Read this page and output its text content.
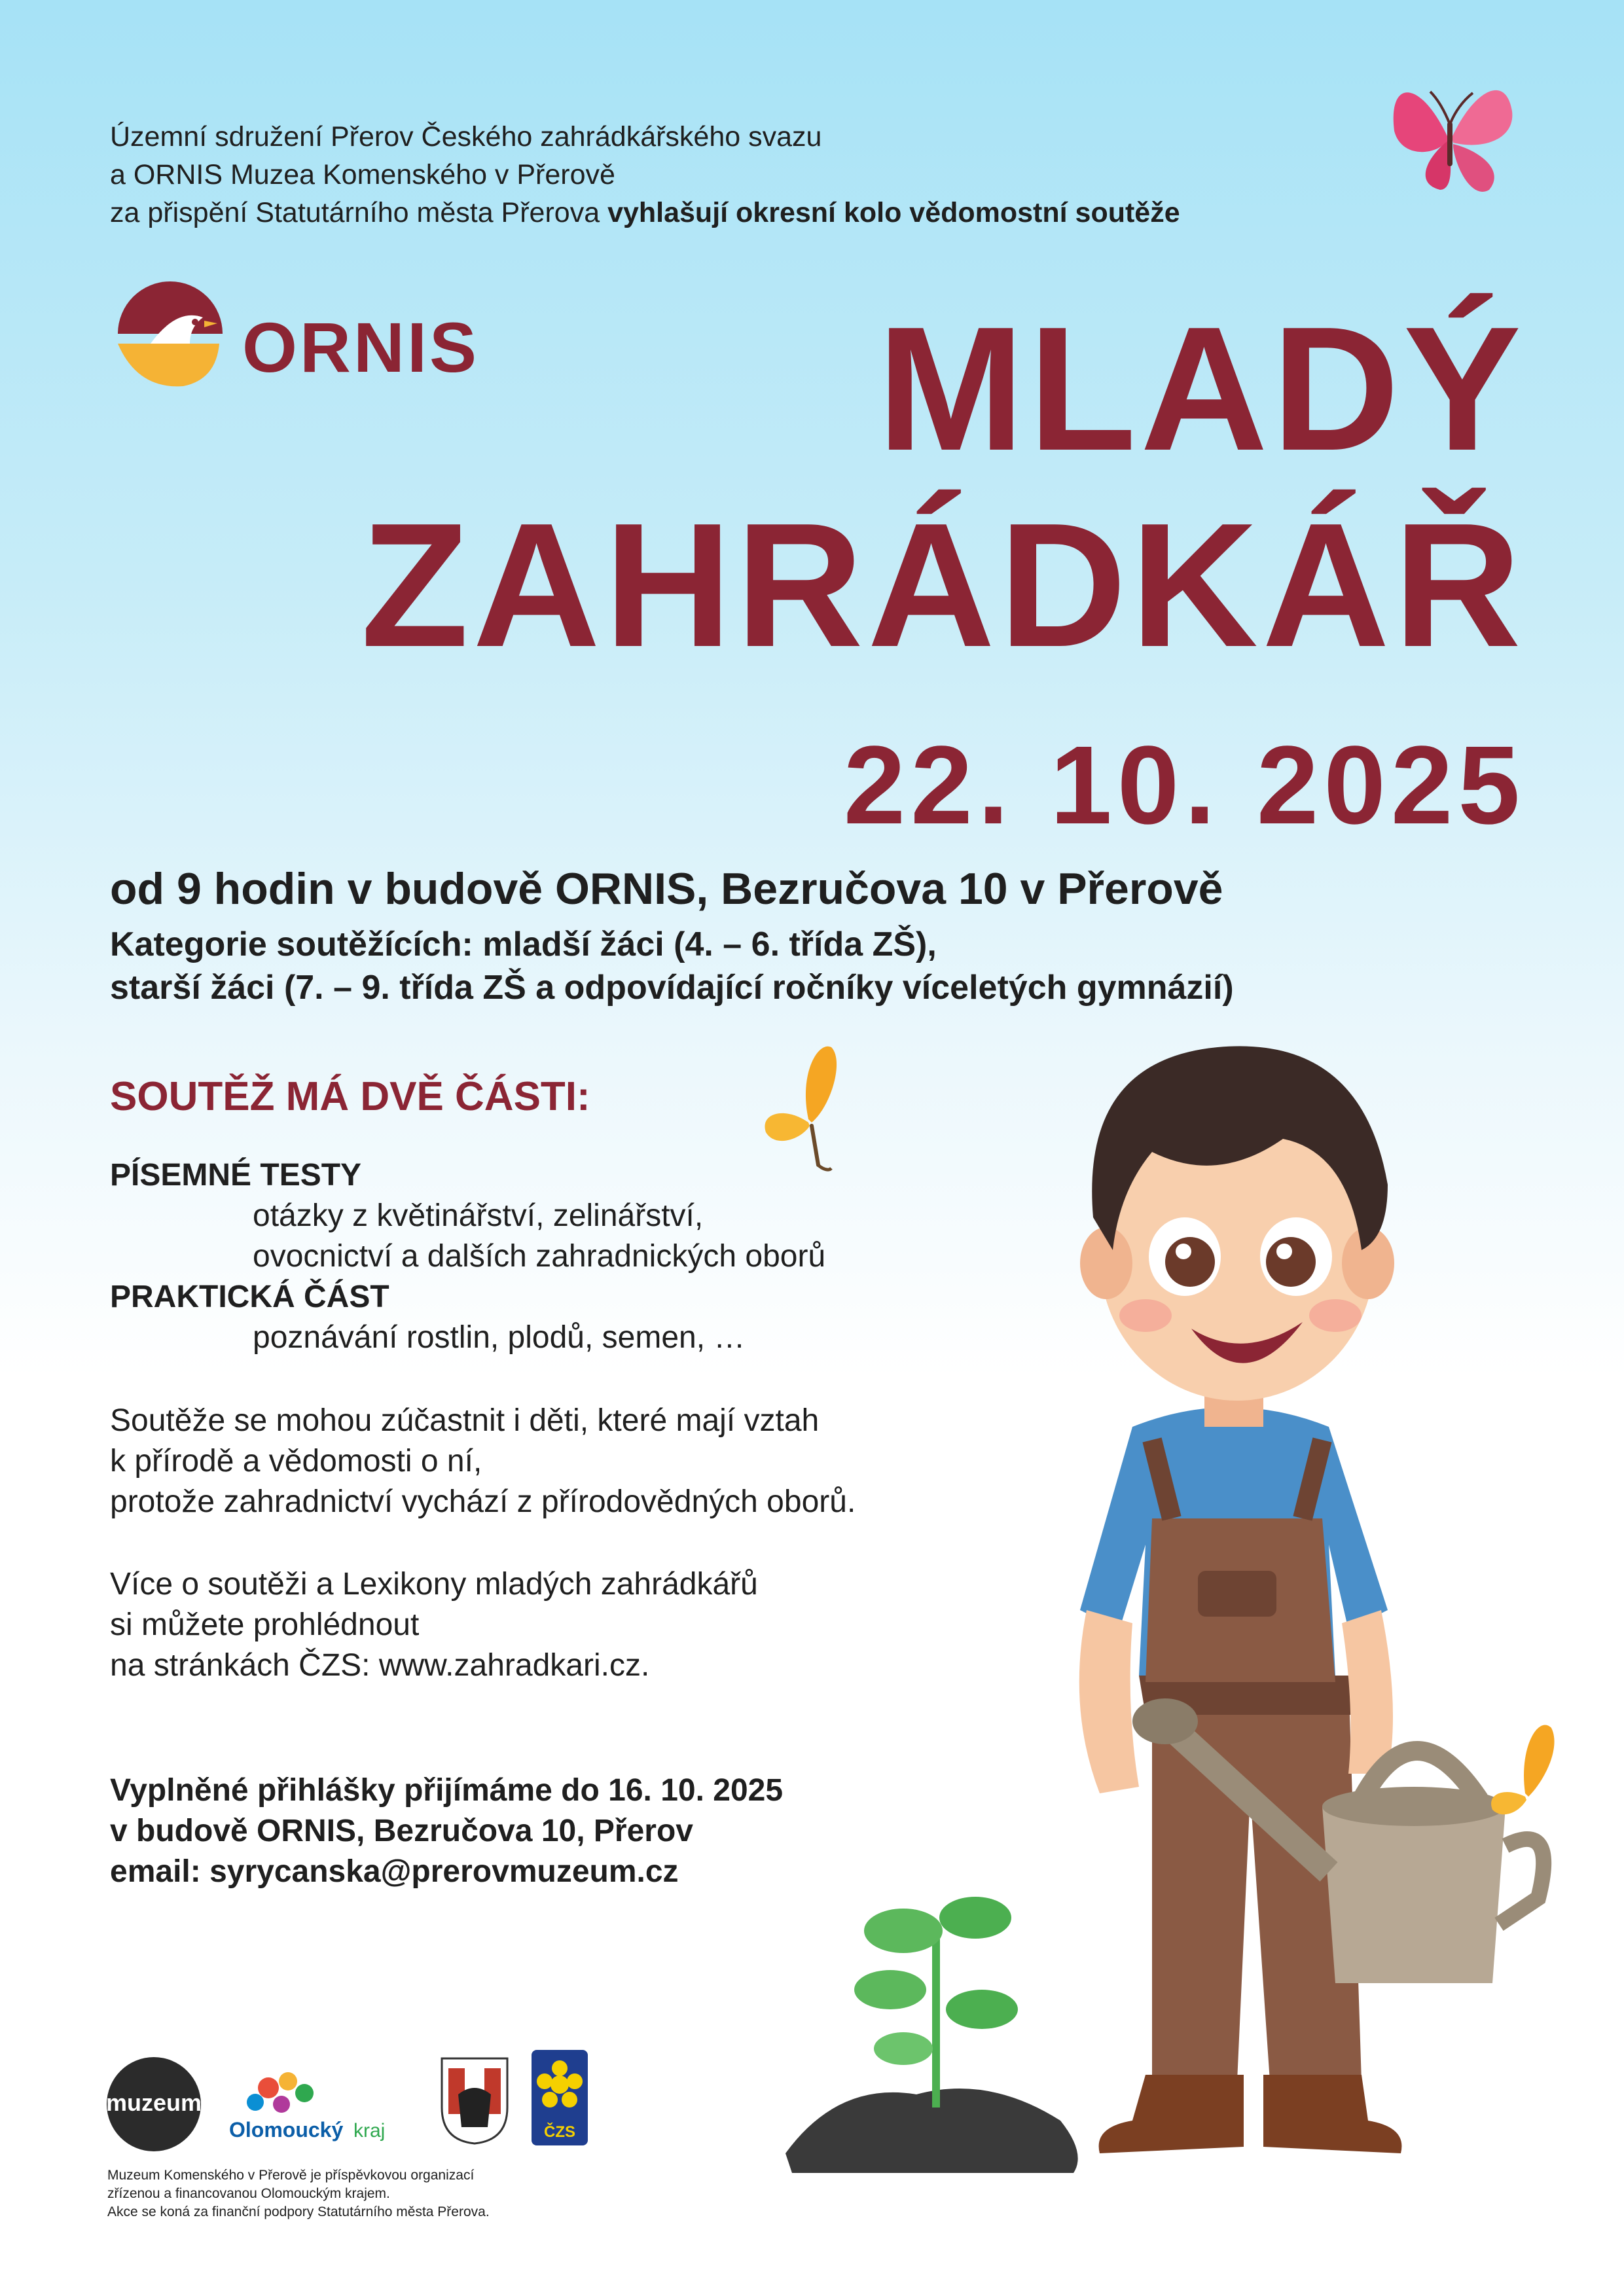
Územní sdružení Přerov Českého zahrádkářského svazu
a ORNIS Muzea Komenského v Přerově
za přispění Statutárního města Přerova vyhlašují okresní kolo vědomostní soutěže
ORNIS	MLADÝ
ZAHRÁDKÁŘ
22. 10. 2025
od 9 hodin v budově ORNIS, Bezručova 10 v Přerově
Kategorie soutěžících: mladší žáci (4. – 6. třída ZŠ),
starší žáci (7. – 9. třída ZŠ a odpovídající ročníky víceletých gymnázií)
SOUTĚŽ MÁ DVĚ ČÁSTI:
PÍSEMNÉ TESTY
otázky z květinářství, zelinářství,
ovocnictví a dalších zahradnických oborů
PRAKTICKÁ ČÁST
poznávání rostlin, plodů, semen, …
Soutěže se mohou zúčastnit i děti, které mají vztah
k přírodě a vědomosti o ní,
protože zahradnictví vychází z přírodovědných oborů.
Více o soutěži a Lexikony mladých zahrádkářů
si můžete prohlédnout
na stránkách ČZS: www.zahradkari.cz.
Vyplněné přihlášky přijímáme do 16. 10. 2025
v budově ORNIS, Bezručova 10, Přerov
email: syrycanska@prerovmuzeum.cz
muzeum
Olomoucký kraj	ČZS
Muzeum Komenského v Přerově je příspěvkovou organizací
zřízenou a financovanou Olomouckým krajem.
Akce se koná za finanční podpory Statutárního města Přerova.
